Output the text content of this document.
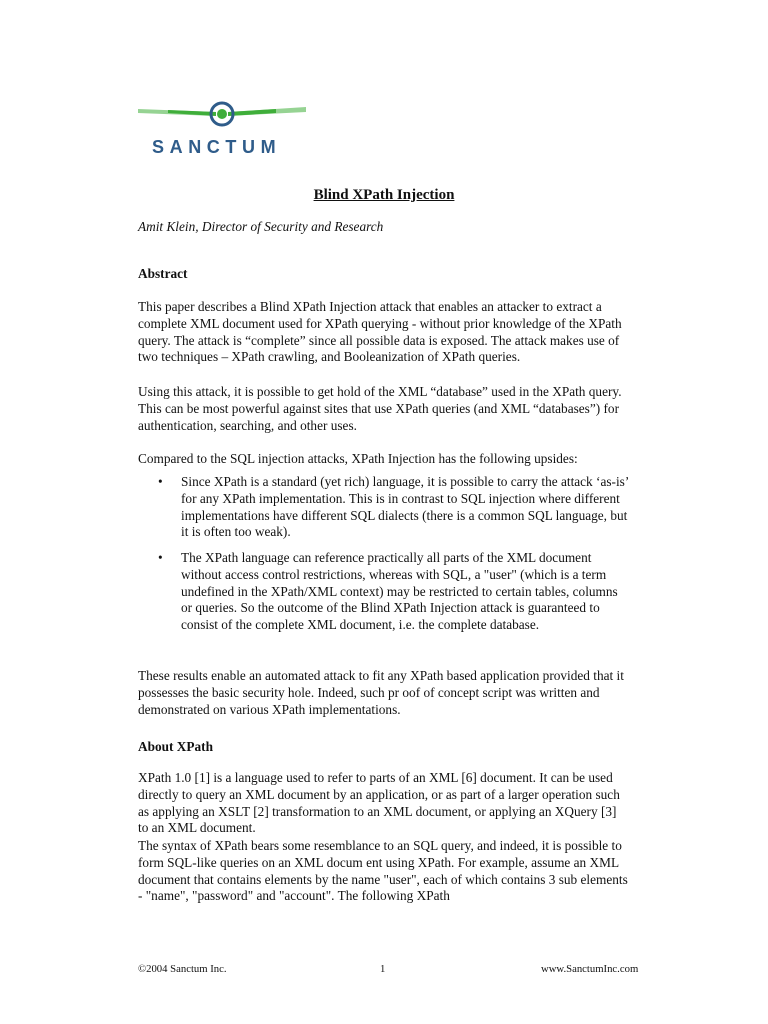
SANCTUM
Blind XPath Injection

Amit Klein, Director of Security and Research

Abstract

This paper describes a Blind XPath Injection attack that enables an attacker to extract a complete XML document used for XPath querying - without prior knowledge of the XPath query. The attack is “complete” since all possible data is exposed. The attack makes use of two techniques – XPath crawling, and Booleanization of XPath queries.

Using this attack, it is possible to get hold of the XML “database” used in the XPath query. This can be most powerful against sites that use XPath queries (and XML “databases”) for authentication, searching, and other uses.

Compared to the SQL injection attacks, XPath Injection has the following upsides:

• Since XPath is a standard (yet rich) language, it is possible to carry the attack ‘as-is’ for any XPath implementation. This is in contrast to SQL injection where different implementations have different SQL dialects (there is a common SQL language, but it is often too weak).

• The XPath language can reference practically all parts of the XML document without access control restrictions, whereas with SQL, a "user" (which is a term undefined in the XPath/XML context) may be restricted to certain tables, columns or queries. So the outcome of the Blind XPath Injection attack is guaranteed to consist of the complete XML document, i.e. the complete database.

These results enable an automated attack to fit any XPath based application provided that it possesses the basic security hole. Indeed, such pr oof of concept script was written and demonstrated on various XPath implementations.

About XPath

XPath 1.0 [1] is a language used to refer to parts of an XML [6] document. It can be used directly to query an XML document by an application, or as part of a larger operation such as applying an XSLT [2] transformation to an XML document, or applying an XQuery [3] to an XML document.

The syntax of XPath bears some resemblance to an SQL query, and indeed, it is possible to form SQL-like queries on an XML docum ent using XPath. For example, assume an XML document that contains elements by the name "user", each of which contains 3 sub elements - "name", "password" and "account". The following XPath

©2004 Sanctum Inc.	1	www.SanctumInc.com
